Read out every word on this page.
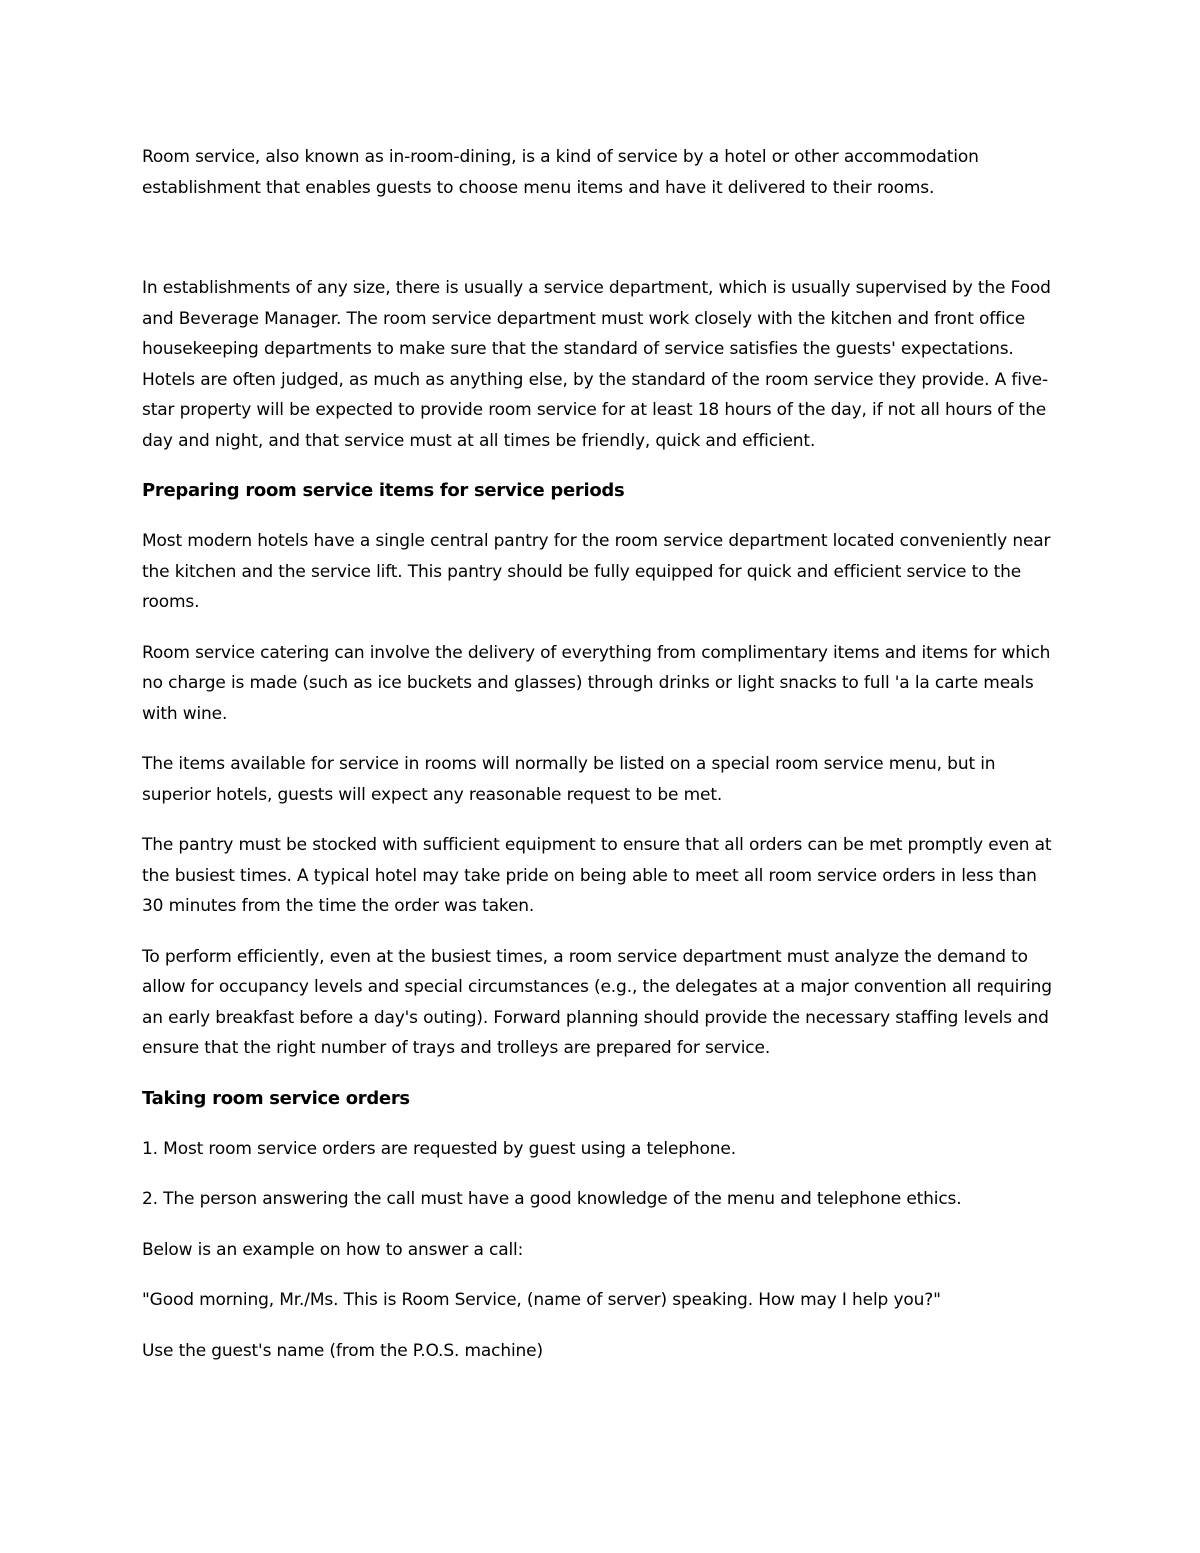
Room service, also known as in-room-dining, is a kind of service by a hotel or other accommodation establishment that enables guests to choose menu items and have it delivered to their rooms.

In establishments of any size, there is usually a service department, which is usually supervised by the Food and Beverage Manager. The room service department must work closely with the kitchen and front office housekeeping departments to make sure that the standard of service satisfies the guests' expectations. Hotels are often judged, as much as anything else, by the standard of the room service they provide. A five-star property will be expected to provide room service for at least 18 hours of the day, if not all hours of the day and night, and that service must at all times be friendly, quick and efficient.

Preparing room service items for service periods

Most modern hotels have a single central pantry for the room service department located conveniently near the kitchen and the service lift. This pantry should be fully equipped for quick and efficient service to the rooms.

Room service catering can involve the delivery of everything from complimentary items and items for which no charge is made (such as ice buckets and glasses) through drinks or light snacks to full 'a la carte meals with wine.

The items available for service in rooms will normally be listed on a special room service menu, but in superior hotels, guests will expect any reasonable request to be met.

The pantry must be stocked with sufficient equipment to ensure that all orders can be met promptly even at the busiest times. A typical hotel may take pride on being able to meet all room service orders in less than 30 minutes from the time the order was taken.

To perform efficiently, even at the busiest times, a room service department must analyze the demand to allow for occupancy levels and special circumstances (e.g., the delegates at a major convention all requiring an early breakfast before a day's outing). Forward planning should provide the necessary staffing levels and ensure that the right number of trays and trolleys are prepared for service.

Taking room service orders

1. Most room service orders are requested by guest using a telephone.

2. The person answering the call must have a good knowledge of the menu and telephone ethics.

Below is an example on how to answer a call:

"Good morning, Mr./Ms. This is Room Service, (name of server) speaking. How may I help you?"

Use the guest's name (from the P.O.S. machine)
